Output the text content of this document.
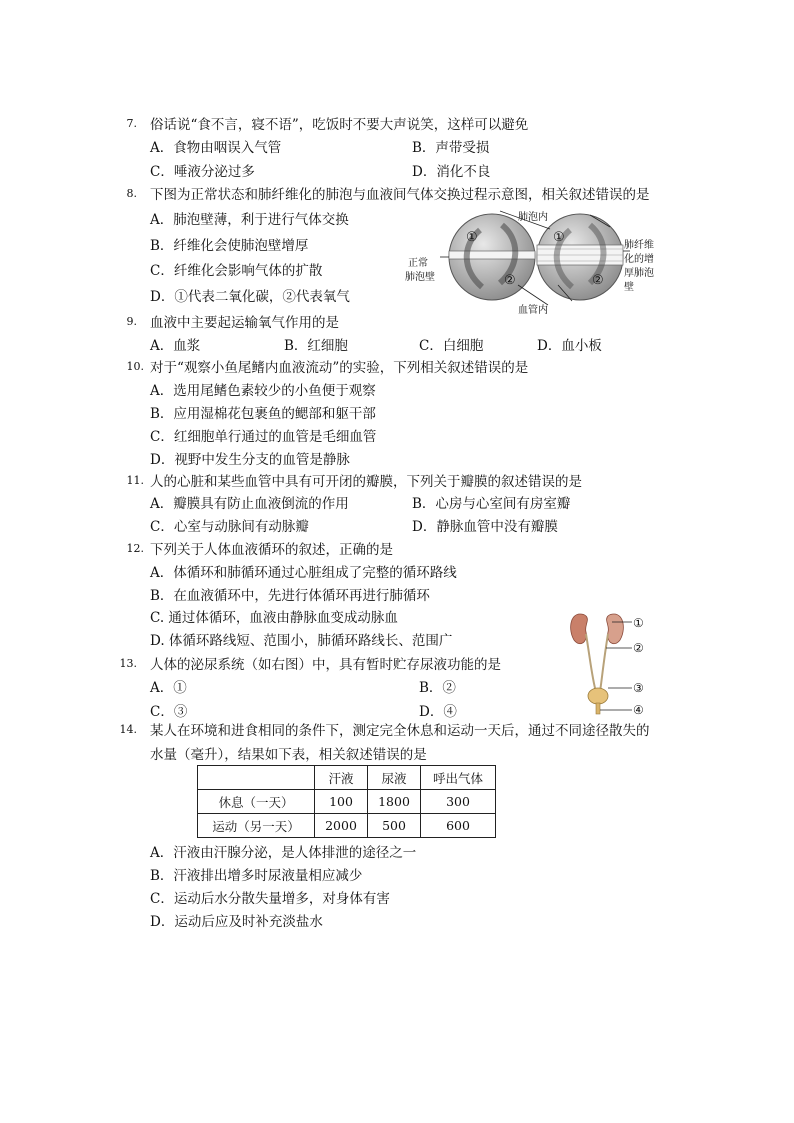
7. 俗话说“食不言，寝不语”，吃饭时不要大声说笑，这样可以避免
A．食物由咽误入气管	B．声带受损
C．唾液分泌过多	D．消化不良
8. 下图为正常状态和肺纤维化的肺泡与血液间气体交换过程示意图，相关叙述错误的是
A．肺泡壁薄，利于进行气体交换
B．纤维化会使肺泡壁增厚
C．纤维化会影响气体的扩散
D．①代表二氧化碳，②代表氧气
①	①
②	②
肺泡内
血管内
正常
肺泡壁
肺纤维
化的增
厚肺泡
壁
9. 血液中主要起运输氧气作用的是
A．血浆	B．红细胞	C．白细胞	D．血小板
10. 对于“观察小鱼尾鳍内血液流动”的实验，下列相关叙述错误的是
A．选用尾鳍色素较少的小鱼便于观察
B．应用湿棉花包裹鱼的鳃部和躯干部
C．红细胞单行通过的血管是毛细血管
D．视野中发生分支的血管是静脉
11. 人的心脏和某些血管中具有可开闭的瓣膜，下列关于瓣膜的叙述错误的是
A．瓣膜具有防止血液倒流的作用	B．心房与心室间有房室瓣
C．心室与动脉间有动脉瓣	D．静脉血管中没有瓣膜
12. 下列关于人体血液循环的叙述，正确的是
A．体循环和肺循环通过心脏组成了完整的循环路线
B．在血液循环中，先进行体循环再进行肺循环
C. 通过体循环，血液由静脉血变成动脉血
D. 体循环路线短、范围小，肺循环路线长、范围广
13. 人体的泌尿系统（如右图）中，具有暂时贮存尿液功能的是
A．①	B．②
C．③	D．④
①
②
③
④
14. 某人在环境和进食相同的条件下，测定完全休息和运动一天后，通过不同途径散失的
水量（毫升），结果如下表，相关叙述错误的是
	汗液	尿液	呼出气体
休息（一天）	100	1800	300
运动（另一天）	2000	500	600
A．汗液由汗腺分泌，是人体排泄的途径之一
B．汗液排出增多时尿液量相应减少
C．运动后水分散失量增多，对身体有害
D．运动后应及时补充淡盐水
